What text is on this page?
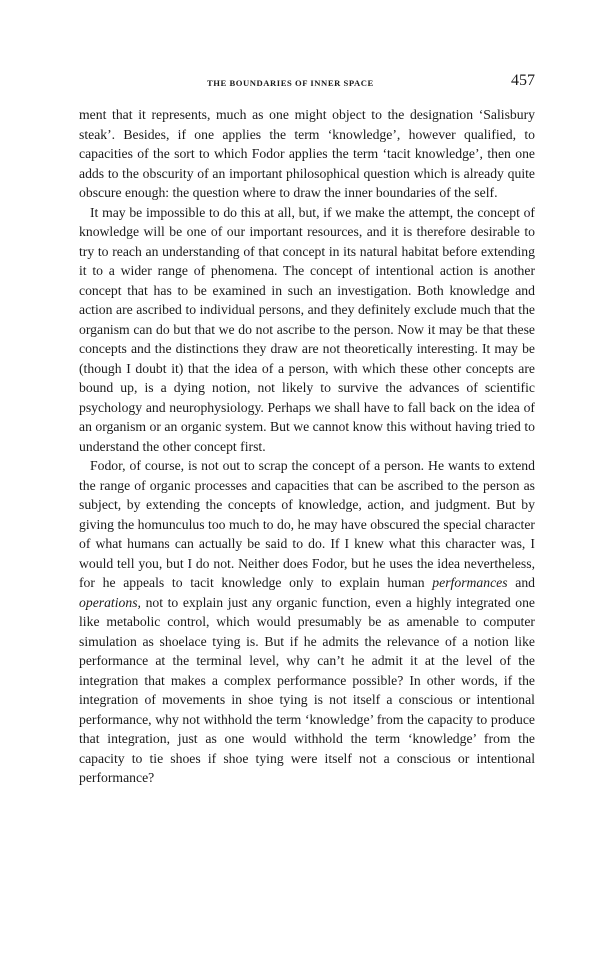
THE BOUNDARIES OF INNER SPACE	457

ment that it represents, much as one might object to the designation ‘Salisbury steak’. Besides, if one applies the term ‘knowledge’, however qualified, to capacities of the sort to which Fodor applies the term ‘tacit knowledge’, then one adds to the obscurity of an important philosophical question which is already quite obscure enough: the question where to draw the inner boundaries of the self.

It may be impossible to do this at all, but, if we make the attempt, the concept of knowledge will be one of our important resources, and it is therefore desirable to try to reach an understanding of that concept in its natural habitat before extending it to a wider range of phenomena. The concept of intentional action is another concept that has to be examined in such an investigation. Both knowledge and action are ascribed to individual persons, and they definitely exclude much that the organism can do but that we do not ascribe to the person. Now it may be that these concepts and the distinctions they draw are not theoretically interesting. It may be (though I doubt it) that the idea of a person, with which these other concepts are bound up, is a dying notion, not likely to survive the advances of scientific psychology and neurophysiology. Perhaps we shall have to fall back on the idea of an organism or an organic system. But we cannot know this without having tried to understand the other concept first.

Fodor, of course, is not out to scrap the concept of a person. He wants to extend the range of organic processes and capacities that can be ascribed to the person as subject, by extending the concepts of knowledge, action, and judgment. But by giving the homunculus too much to do, he may have obscured the special character of what humans can actually be said to do. If I knew what this character was, I would tell you, but I do not. Neither does Fodor, but he uses the idea nevertheless, for he appeals to tacit knowledge only to explain human performances and operations, not to explain just any organic function, even a highly integrated one like metabolic control, which would presumably be as amenable to computer simulation as shoelace tying is. But if he admits the relevance of a notion like performance at the terminal level, why can’t he admit it at the level of the integration that makes a complex performance possible? In other words, if the integration of movements in shoe tying is not itself a conscious or intentional performance, why not withhold the term ‘knowledge’ from the capacity to produce that integration, just as one would withhold the term ‘knowledge’ from the capacity to tie shoes if shoe tying were itself not a conscious or intentional performance?
